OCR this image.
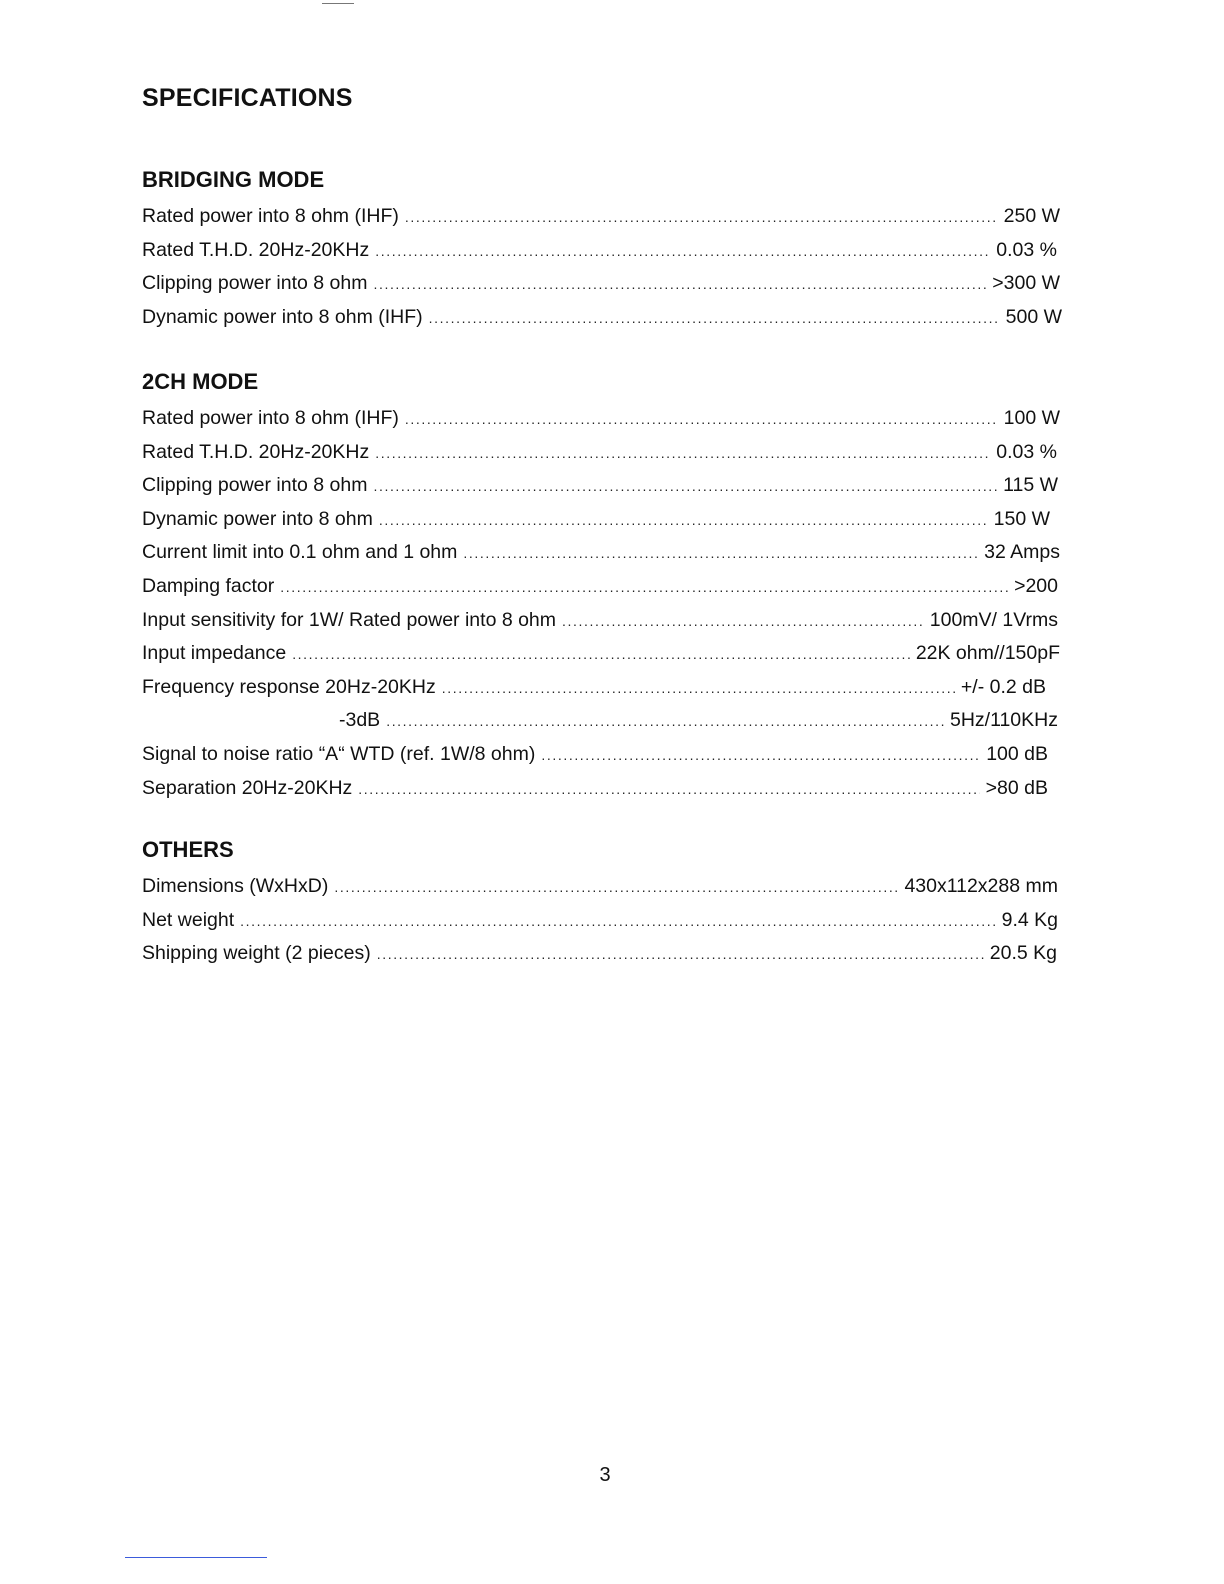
SPECIFICATIONS
BRIDGING MODE
Rated power into 8 ohm (IHF) .....	250 W
Rated T.H.D. 20Hz-20KHz .....	0.03 %
Clipping power into 8 ohm .....	>300 W
Dynamic power into 8 ohm (IHF) .....	500 W
2CH MODE
Rated power into 8 ohm (IHF) .....	100 W
Rated T.H.D. 20Hz-20KHz .....	0.03 %
Clipping power into 8 ohm .....	115 W
Dynamic power into 8 ohm .....	150 W
Current limit into 0.1 ohm and 1 ohm .....	32 Amps
Damping factor .....	>200
Input sensitivity for 1W/ Rated power into 8 ohm .....	100mV/ 1Vrms
Input impedance .....	22K ohm//150pF
Frequency response 20Hz-20KHz .....	+/- 0.2 dB
-3dB .....	5Hz/110KHz
Signal to noise ratio “A“ WTD (ref. 1W/8 ohm) .....	100 dB
Separation 20Hz-20KHz .....	>80 dB
OTHERS
Dimensions (WxHxD) .....	430x112x288 mm
Net weight .....	9.4 Kg
Shipping weight (2 pieces) .....	20.5 Kg
3
